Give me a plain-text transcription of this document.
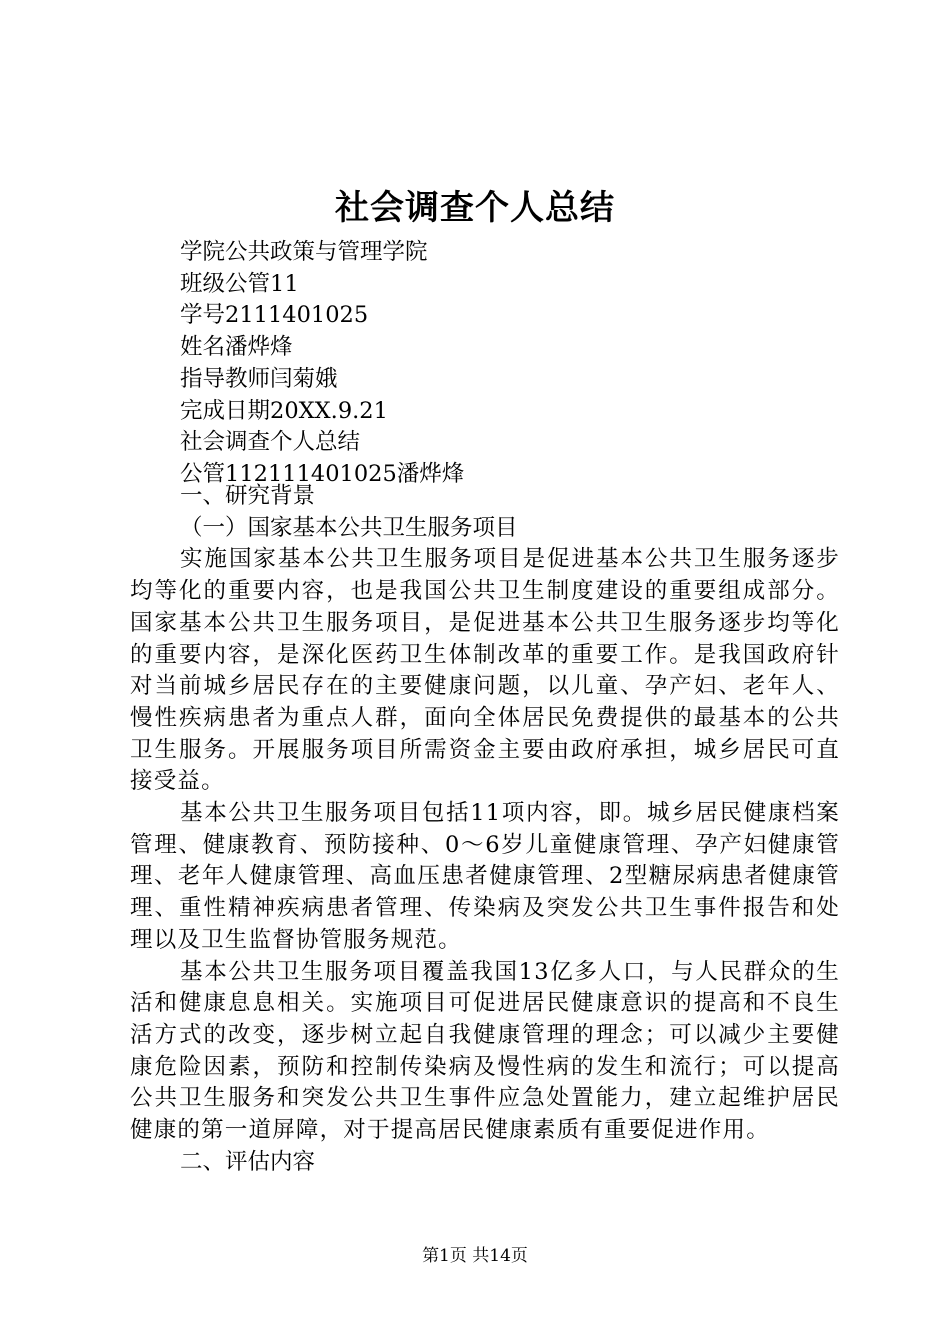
社会调查个人总结
学院公共政策与管理学院
班级公管11
学号2111401025
姓名潘烨烽
指导教师闫菊娥
完成日期20XX.9.21
社会调查个人总结
公管112111401025潘烨烽
一、研究背景
（一）国家基本公共卫生服务项目

实施国家基本公共卫生服务项目是促进基本公共卫生服务逐步均等化的重要内容，也是我国公共卫生制度建设的重要组成部分。国家基本公共卫生服务项目，是促进基本公共卫生服务逐步均等化的重要内容，是深化医药卫生体制改革的重要工作。是我国政府针对当前城乡居民存在的主要健康问题，以儿童、孕产妇、老年人、慢性疾病患者为重点人群，面向全体居民免费提供的最基本的公共卫生服务。开展服务项目所需资金主要由政府承担，城乡居民可直接受益。

基本公共卫生服务项目包括11项内容，即。城乡居民健康档案管理、健康教育、预防接种、0～6岁儿童健康管理、孕产妇健康管理、老年人健康管理、高血压患者健康管理、2型糖尿病患者健康管理、重性精神疾病患者管理、传染病及突发公共卫生事件报告和处理以及卫生监督协管服务规范。

基本公共卫生服务项目覆盖我国13亿多人口，与人民群众的生活和健康息息相关。实施项目可促进居民健康意识的提高和不良生活方式的改变，逐步树立起自我健康管理的理念；可以减少主要健康危险因素，预防和控制传染病及慢性病的发生和流行；可以提高公共卫生服务和突发公共卫生事件应急处置能力，建立起维护居民健康的第一道屏障，对于提高居民健康素质有重要促进作用。

二、评估内容
第1页 共14页
